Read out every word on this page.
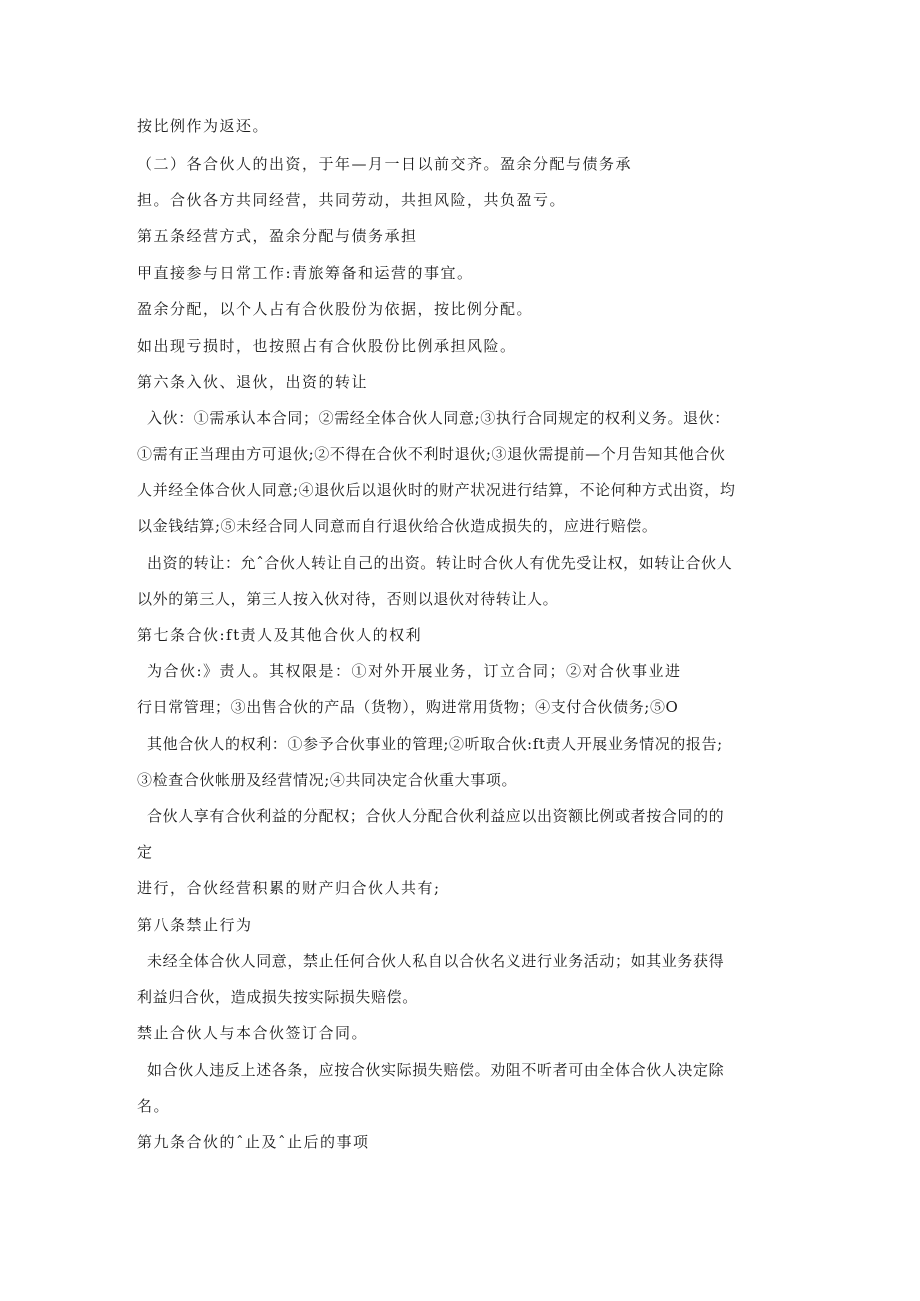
按比例作为返还。

（二）各合伙人的出资，于年—月一日以前交齐。盈余分配与债务承

担。合伙各方共同经营，共同劳动，共担风险，共负盈亏。

第五条经营方式，盈余分配与债务承担

甲直接参与日常工作:青旅筹备和运营的事宜。

盈余分配，以个人占有合伙股份为依据，按比例分配。

如出现亏损时，也按照占有合伙股份比例承担风险。

第六条入伙、退伙，出资的转让

入伙：①需承认本合同；②需经全体合伙人同意;③执行合同规定的权利义务。退伙：

①需有正当理由方可退伙;②不得在合伙不利时退伙;③退伙需提前—个月告知其他合伙

人并经全体合伙人同意;④退伙后以退伙时的财产状况进行结算，不论何种方式出资，均

以金钱结算;⑤未经合同人同意而自行退伙给合伙造成损失的，应进行赔偿。

出资的转让：允ˆ合伙人转让自己的出资。转让时合伙人有优先受让权，如转让合伙人

以外的第三人，第三人按入伙对待，否则以退伙对待转让人。

第七条合伙:ft责人及其他合伙人的权利

为合伙:》责人。其权限是：①对外开展业务，订立合同；②对合伙事业进

行日常管理；③出售合伙的产品（货物），购进常用货物；④支付合伙债务;⑤O

其他合伙人的权利：①参予合伙事业的管理;②听取合伙:ft责人开展业务情况的报告;

③检查合伙帐册及经营情况;④共同决定合伙重大事项。

合伙人享有合伙利益的分配权；合伙人分配合伙利益应以出资额比例或者按合同的的

定

进行，合伙经营积累的财产归合伙人共有;

第八条禁止行为

未经全体合伙人同意，禁止任何合伙人私自以合伙名义进行业务活动；如其业务获得

利益归合伙，造成损失按实际损失赔偿。

禁止合伙人与本合伙签订合同。

如合伙人违反上述各条，应按合伙实际损失赔偿。劝阻不听者可由全体合伙人决定除

名。

第九条合伙的ˆ止及ˆ止后的事项
